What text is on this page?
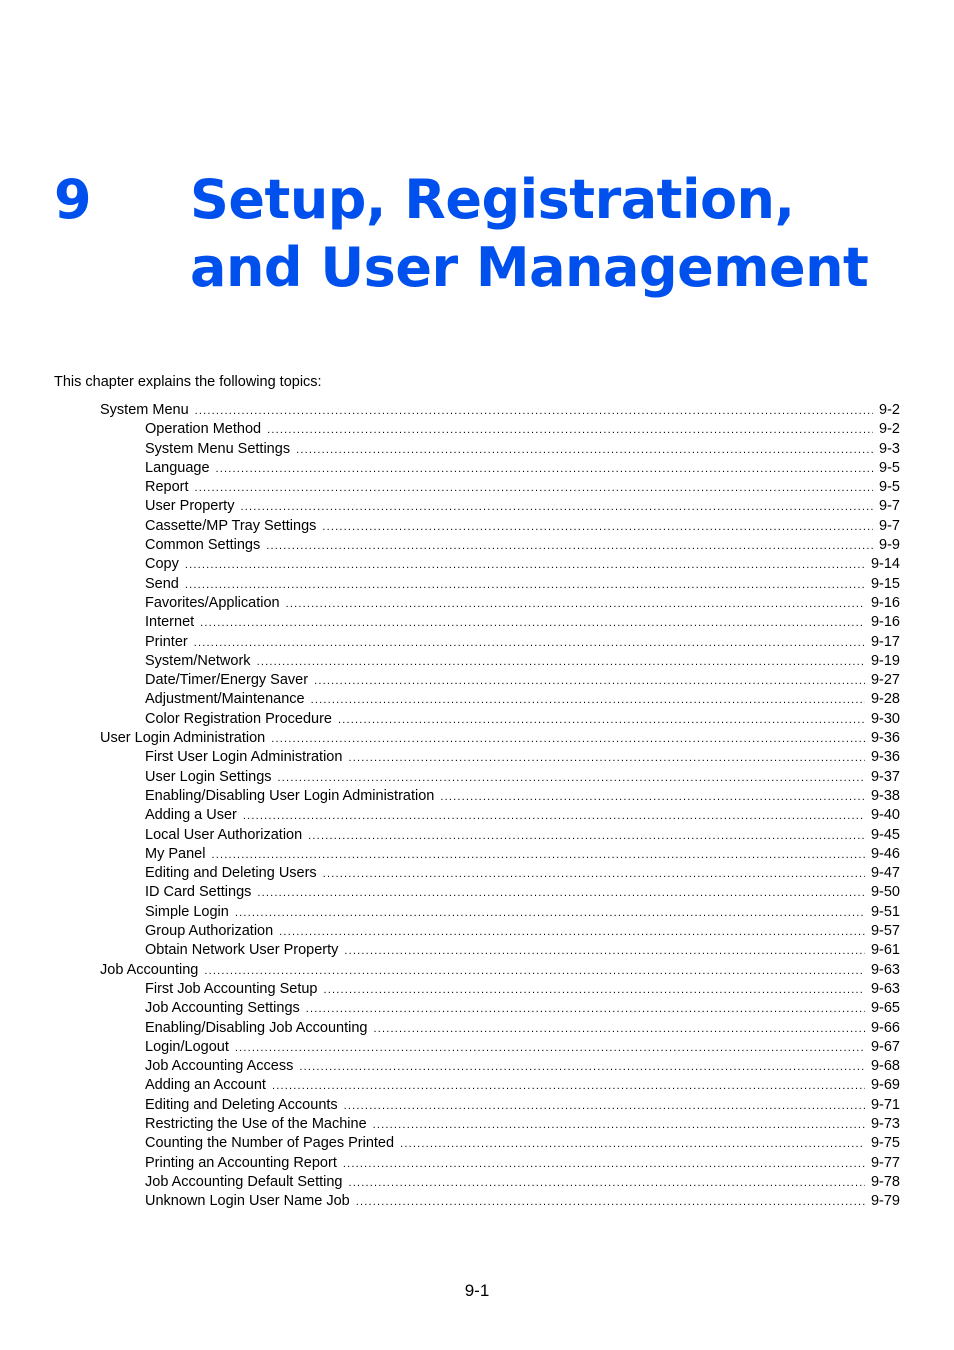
9 Setup, Registration,
and User Management
This chapter explains the following topics:
System Menu .....	9-2
Operation Method .....	9-2
System Menu Settings .....	9-3
Language .....	9-5
Report .....	9-5
User Property .....	9-7
Cassette/MP Tray Settings .....	9-7
Common Settings .....	9-9
Copy .....	9-14
Send .....	9-15
Favorites/Application .....	9-16
Internet .....	9-16
Printer .....	9-17
System/Network .....	9-19
Date/Timer/Energy Saver .....	9-27
Adjustment/Maintenance .....	9-28
Color Registration Procedure .....	9-30
User Login Administration .....	9-36
First User Login Administration .....	9-36
User Login Settings .....	9-37
Enabling/Disabling User Login Administration .....	9-38
Adding a User .....	9-40
Local User Authorization .....	9-45
My Panel .....	9-46
Editing and Deleting Users .....	9-47
ID Card Settings .....	9-50
Simple Login .....	9-51
Group Authorization .....	9-57
Obtain Network User Property .....	9-61
Job Accounting .....	9-63
First Job Accounting Setup .....	9-63
Job Accounting Settings .....	9-65
Enabling/Disabling Job Accounting .....	9-66
Login/Logout .....	9-67
Job Accounting Access .....	9-68
Adding an Account .....	9-69
Editing and Deleting Accounts .....	9-71
Restricting the Use of the Machine .....	9-73
Counting the Number of Pages Printed .....	9-75
Printing an Accounting Report .....	9-77
Job Accounting Default Setting .....	9-78
Unknown Login User Name Job .....	9-79
9-1
